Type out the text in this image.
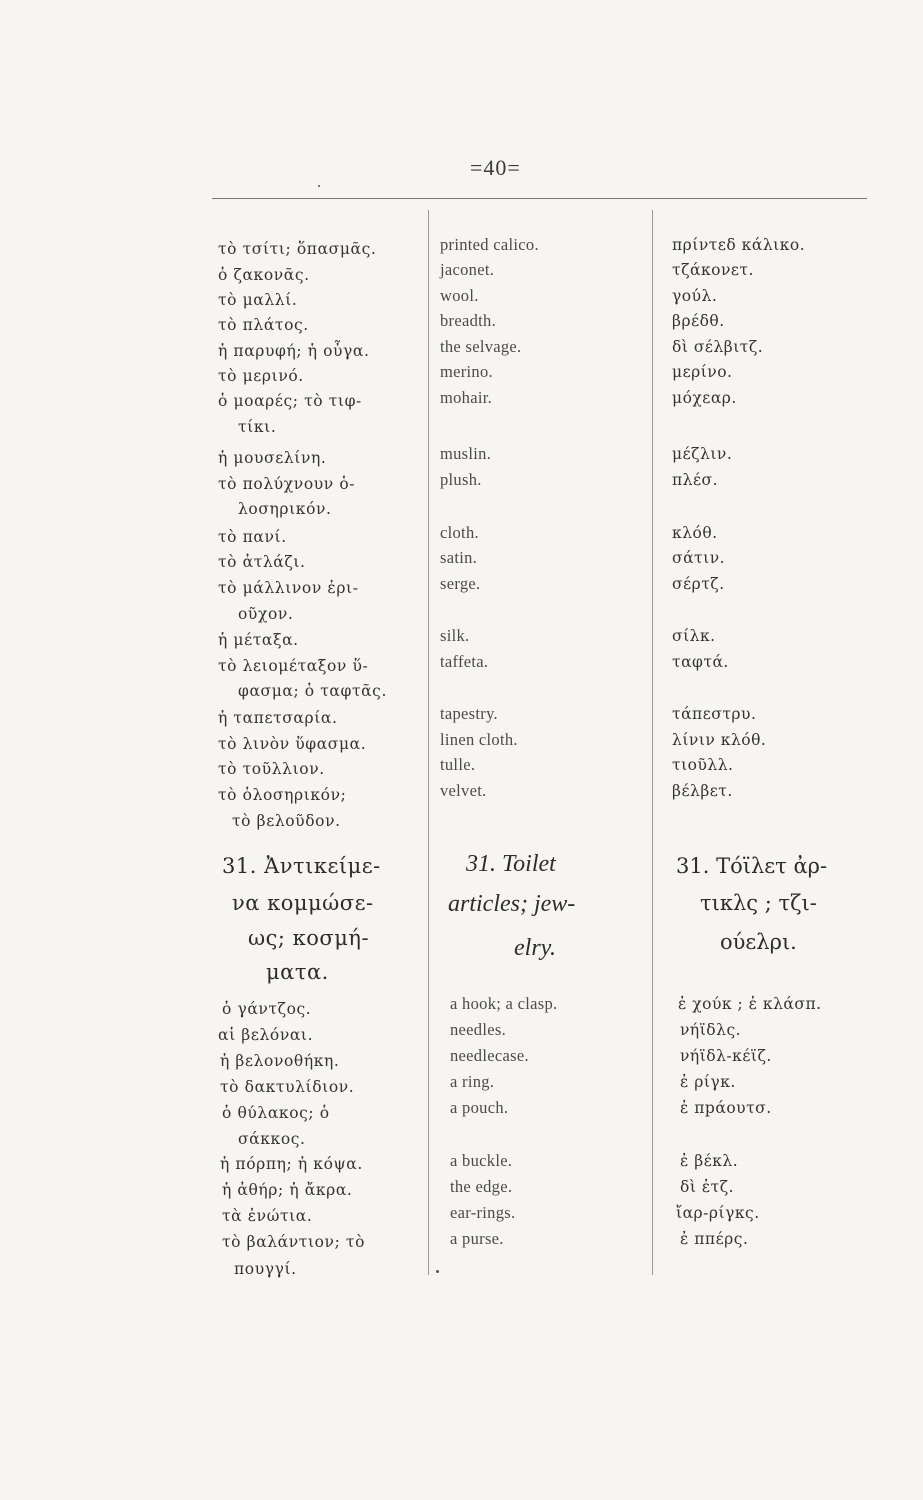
=40=
τὸ τσίτι; ὅπασμᾶς.
ὁ ζακονᾶς.
τὸ μαλλί.
τὸ πλάτος.
ἡ παρυφή; ἡ οὖγα.
τὸ μερινό.
ὁ μοαρές; τὸ τιφ-
τίκι.
ἡ μουσελίνη.
τὸ πολύχνουν ὁ-
λοσηρικόν.
τὸ πανί.
τὸ ἀτλάζι.
τὸ μάλλινον ἐρι-
οῦχον.
ἡ μέταξα.
τὸ λειομέταξον ὕ-
φασμα; ὁ ταφτᾶς.
ἡ ταπετσαρία.
τὸ λινὸν ὕφασμα.
τὸ τοῦλλιον.
τὸ ὁλοσηρικόν;
τὸ βελοῦδον.
31. Ἀντικείμε-
να κομμώσε-
ως; κοσμή-
ματα.
ὁ γάντζος.
αἱ βελόναι.
ἡ βελονοθήκη.
τὸ δακτυλίδιον.
ὁ θύλακος; ὁ
σάκκος.
ἡ πόρπη; ἡ κόψα.
ἡ ἀθήρ; ἡ ἄκρα.
τὰ ἐνώτια.
τὸ βαλάντιον; τὸ
πουγγί.
printed calico.
jaconet.
wool.
breadth.
the selvage.
merino.
mohair.
muslin.
plush.
cloth.
satin.
serge.
silk.
taffeta.
tapestry.
linen cloth.
tulle.
velvet.
31. Toilet
articles; jew-
elry.
a hook; a clasp.
needles.
needlecase.
a ring.
a pouch.
a buckle.
the edge.
ear-rings.
a purse.
πρίντεδ κάλικο.
τζάκονετ.
γούλ.
βρέδθ.
δὶ σέλβιτζ.
μερίνο.
μόχεαρ.
μέζλιν.
πλέσ.
κλόθ.
σάτιν.
σέρτζ.
σίλκ.
ταφτά.
τάπεστρυ.
λίνιν κλόθ.
τιοῦλλ.
βέλβετ.
31. Τόϊλετ ἀρ-
τικλς ; τζι-
ούελρι.
ἐ χούκ ; ἐ κλάσπ.
νήϊδλς.
νήϊδλ-κέϊζ.
ἐ ρίγκ.
ἐ πpάουτσ.
ἐ βέκλ.
δὶ ἐτζ.
ἴαρ-ρίγκς.
ἐ ππέρς.
